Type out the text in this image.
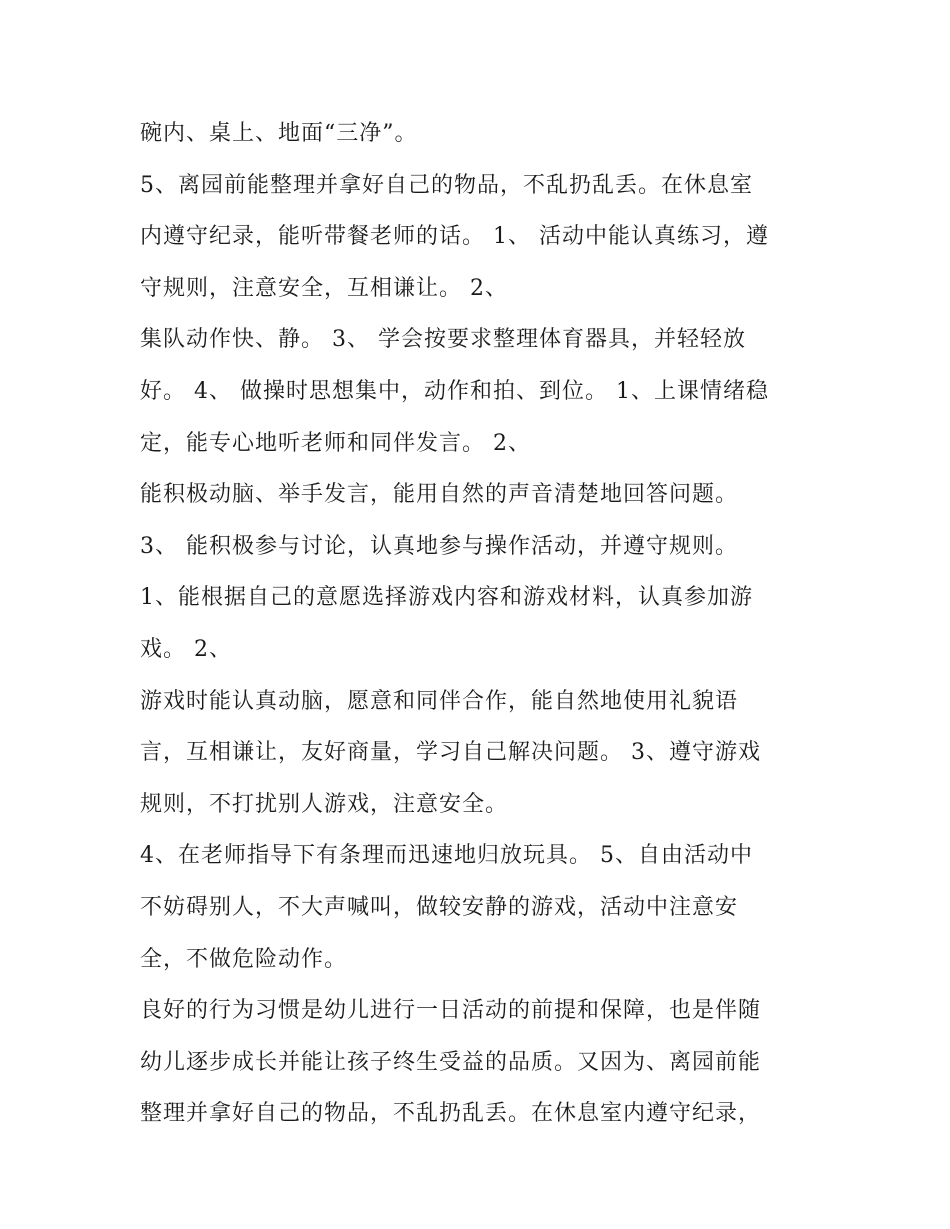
碗内、桌上、地面“三净”。
5、离园前能整理并拿好自己的物品，不乱扔乱丢。在休息室
内遵守纪录，能听带餐老师的话。 1、 活动中能认真练习，遵
守规则，注意安全，互相谦让。 2、
集队动作快、静。 3、 学会按要求整理体育器具，并轻轻放
好。 4、 做操时思想集中，动作和拍、到位。 1、上课情绪稳
定，能专心地听老师和同伴发言。 2、
能积极动脑、举手发言，能用自然的声音清楚地回答问题。
3、 能积极参与讨论，认真地参与操作活动，并遵守规则。
1、能根据自己的意愿选择游戏内容和游戏材料，认真参加游
戏。 2、
游戏时能认真动脑，愿意和同伴合作，能自然地使用礼貌语
言，互相谦让，友好商量，学习自己解决问题。 3、遵守游戏
规则，不打扰别人游戏，注意安全。
4、在老师指导下有条理而迅速地归放玩具。 5、自由活动中
不妨碍别人，不大声喊叫，做较安静的游戏，活动中注意安
全，不做危险动作。
良好的行为习惯是幼儿进行一日活动的前提和保障，也是伴随
幼儿逐步成长并能让孩子终生受益的品质。又因为、离园前能
整理并拿好自己的物品，不乱扔乱丢。在休息室内遵守纪录，
